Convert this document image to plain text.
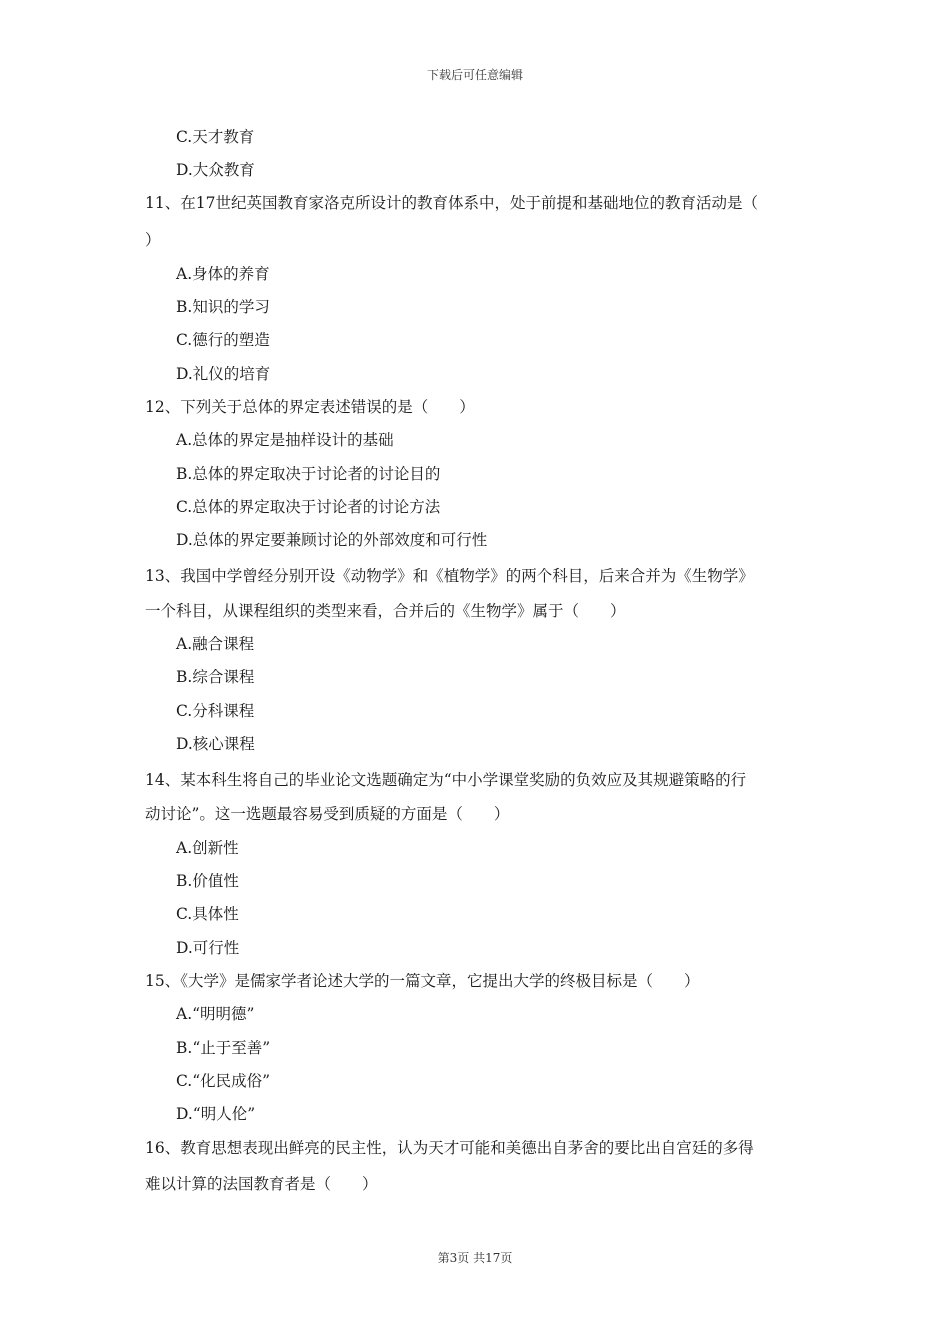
下载后可任意编辑
C.天才教育
D.大众教育
11、在17世纪英国教育家洛克所设计的教育体系中，处于前提和基础地位的教育活动是（
）
A.身体的养育
B.知识的学习
C.德行的塑造
D.礼仪的培育
12、下列关于总体的界定表述错误的是（　　）
A.总体的界定是抽样设计的基础
B.总体的界定取决于讨论者的讨论目的
C.总体的界定取决于讨论者的讨论方法
D.总体的界定要兼顾讨论的外部效度和可行性
13、我国中学曾经分别开设《动物学》和《植物学》的两个科目，后来合并为《生物学》
一个科目，从课程组织的类型来看，合并后的《生物学》属于（　　）
A.融合课程
B.综合课程
C.分科课程
D.核心课程
14、某本科生将自己的毕业论文选题确定为“中小学课堂奖励的负效应及其规避策略的行
动讨论”。这一选题最容易受到质疑的方面是（　　）
A.创新性
B.价值性
C.具体性
D.可行性
15、《大学》是儒家学者论述大学的一篇文章，它提出大学的终极目标是（　　）
A.“明明德”
B.“止于至善”
C.“化民成俗”
D.“明人伦”
16、教育思想表现出鲜亮的民主性，认为天才可能和美德出自茅舍的要比出自宫廷的多得
难以计算的法国教育者是（　　）
第3页 共17页
